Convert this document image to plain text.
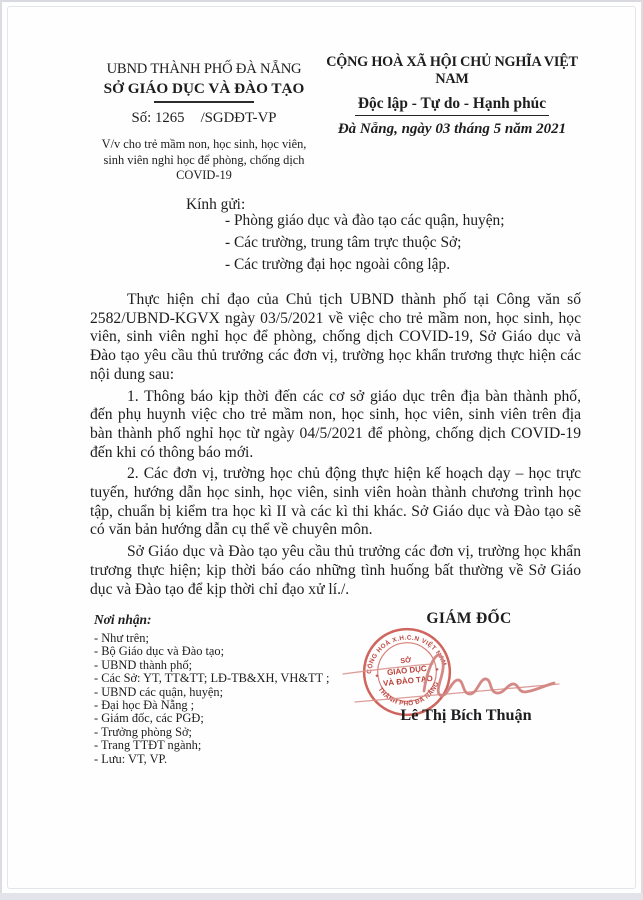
UBND THÀNH PHỐ ĐÀ NẴNG
SỞ GIÁO DỤC VÀ ĐÀO TẠO
Số: 1265 /SGDĐT-VP
V/v cho trẻ mầm non, học sinh, học viên, sinh viên nghỉ học để phòng, chống dịch COVID-19
CỘNG HOÀ XÃ HỘI CHỦ NGHĨA VIỆT NAM
Độc lập - Tự do - Hạnh phúc
Đà Nẵng, ngày 03 tháng 5 năm 2021
Kính gửi:
- Phòng giáo dục và đào tạo các quận, huyện;
- Các trường, trung tâm trực thuộc Sở;
- Các trường đại học ngoài công lập.

Thực hiện chỉ đạo của Chủ tịch UBND thành phố tại Công văn số 2582/UBND-KGVX ngày 03/5/2021 về việc cho trẻ mầm non, học sinh, học viên, sinh viên nghỉ học để phòng, chống dịch COVID-19, Sở Giáo dục và Đào tạo yêu cầu thủ trưởng các đơn vị, trường học khẩn trương thực hiện các nội dung sau:

1. Thông báo kịp thời đến các cơ sở giáo dục trên địa bàn thành phố, đến phụ huynh việc cho trẻ mầm non, học sinh, học viên, sinh viên trên địa bàn thành phố nghỉ học từ ngày 04/5/2021 để phòng, chống dịch COVID-19 đến khi có thông báo mới.

2. Các đơn vị, trường học chủ động thực hiện kế hoạch dạy – học trực tuyến, hướng dẫn học sinh, học viên, sinh viên hoàn thành chương trình học tập, chuẩn bị kiểm tra học kì II và các kì thi khác. Sở Giáo dục và Đào tạo sẽ có văn bản hướng dẫn cụ thể về chuyên môn.

Sở Giáo dục và Đào tạo yêu cầu thủ trưởng các đơn vị, trường học khẩn trương thực hiện; kịp thời báo cáo những tình huống bất thường về Sở Giáo dục và Đào tạo để kịp thời chỉ đạo xử lí./.

Nơi nhận:
- Như trên;
- Bộ Giáo dục và Đào tạo;
- UBND thành phố;
- Các Sở: YT, TT&TT; LĐ-TB&XH, VH&TT ;
- UBND các quận, huyện;
- Đại học Đà Nẵng ;
- Giám đốc, các PGĐ;
- Trưởng phòng Sở;
- Trang TTĐT ngành;
- Lưu: VT, VP.
GIÁM ĐỐC
CỘNG HOÀ X.H.C.N VIỆT NAM
THÀNH PHỐ ĐÀ NẴNG
SỞ
GIÁO DỤC
VÀ ĐÀO TẠO
*
*
Lê Thị Bích Thuận
